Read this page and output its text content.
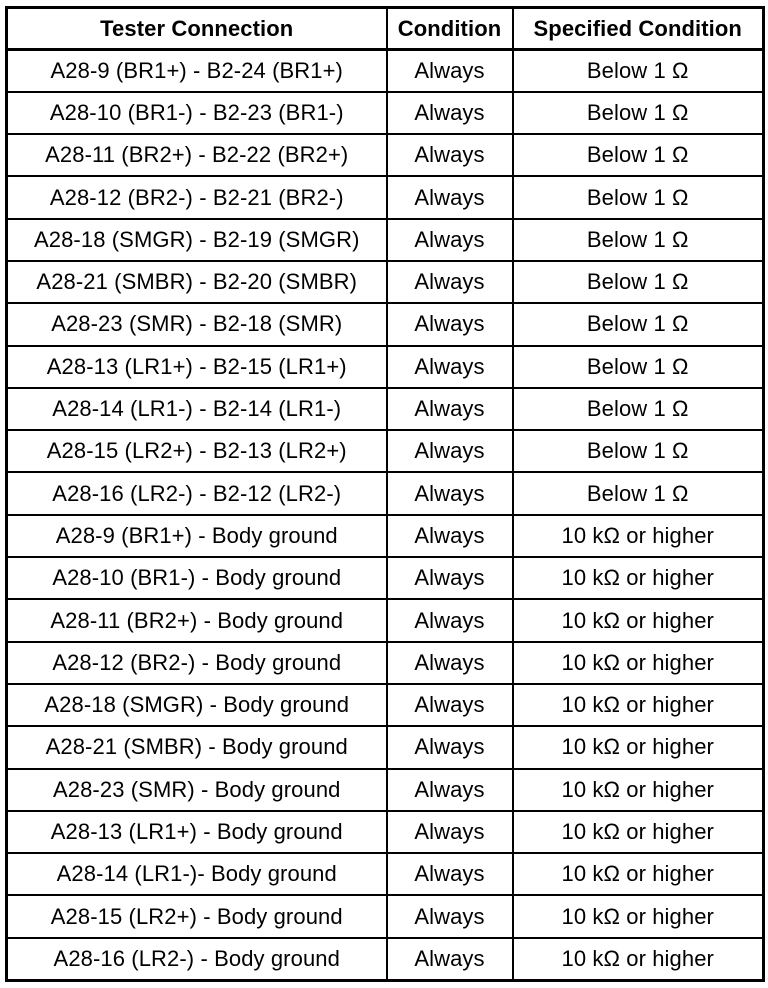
Tester Connection	Condition	Specified Condition
A28-9 (BR1+) - B2-24 (BR1+)	Always	Below 1 Ω
A28-10 (BR1-) - B2-23 (BR1-)	Always	Below 1 Ω
A28-11 (BR2+) - B2-22 (BR2+)	Always	Below 1 Ω
A28-12 (BR2-) - B2-21 (BR2-)	Always	Below 1 Ω
A28-18 (SMGR) - B2-19 (SMGR)	Always	Below 1 Ω
A28-21 (SMBR) - B2-20 (SMBR)	Always	Below 1 Ω
A28-23 (SMR) - B2-18 (SMR)	Always	Below 1 Ω
A28-13 (LR1+) - B2-15 (LR1+)	Always	Below 1 Ω
A28-14 (LR1-) - B2-14 (LR1-)	Always	Below 1 Ω
A28-15 (LR2+) - B2-13 (LR2+)	Always	Below 1 Ω
A28-16 (LR2-) - B2-12 (LR2-)	Always	Below 1 Ω
A28-9 (BR1+) - Body ground	Always	10 kΩ or higher
A28-10 (BR1-) - Body ground	Always	10 kΩ or higher
A28-11 (BR2+) - Body ground	Always	10 kΩ or higher
A28-12 (BR2-) - Body ground	Always	10 kΩ or higher
A28-18 (SMGR) - Body ground	Always	10 kΩ or higher
A28-21 (SMBR) - Body ground	Always	10 kΩ or higher
A28-23 (SMR) - Body ground	Always	10 kΩ or higher
A28-13 (LR1+) - Body ground	Always	10 kΩ or higher
A28-14 (LR1-)- Body ground	Always	10 kΩ or higher
A28-15 (LR2+) - Body ground	Always	10 kΩ or higher
A28-16 (LR2-) - Body ground	Always	10 kΩ or higher
